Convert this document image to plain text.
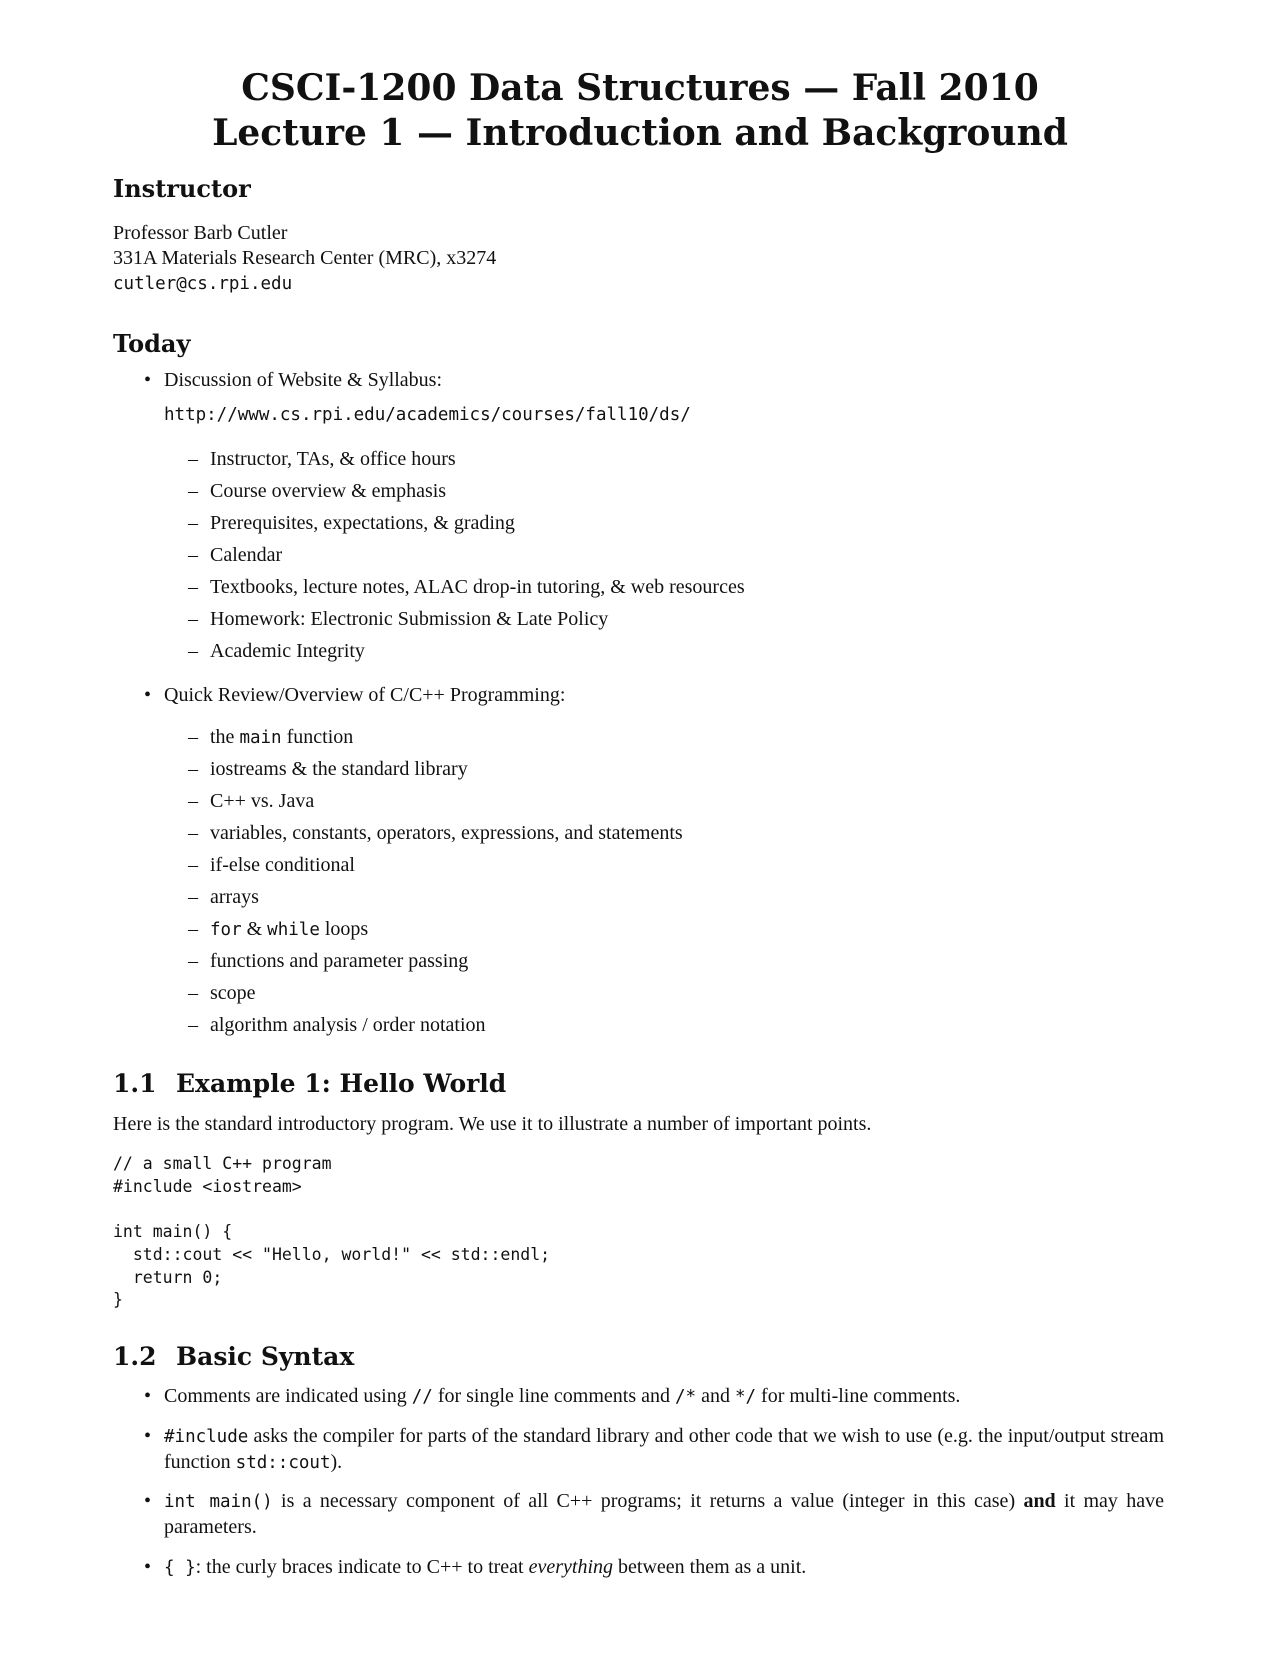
CSCI-1200 Data Structures — Fall 2010
Lecture 1 — Introduction and Background
Instructor

Professor Barb Cutler

331A Materials Research Center (MRC), x3274

cutler@cs.rpi.edu

Today
• Discussion of Website & Syllabus:

http://www.cs.rpi.edu/academics/courses/fall10/ds/

– Instructor, TAs, & office hours
– Course overview & emphasis
– Prerequisites, expectations, & grading
– Calendar
– Textbooks, lecture notes, ALAC drop-in tutoring, & web resources
– Homework: Electronic Submission & Late Policy
– Academic Integrity
• Quick Review/Overview of C/C++ Programming:
– the main function
– iostreams & the standard library
– C++ vs. Java
– variables, constants, operators, expressions, and statements
– if-else conditional
– arrays
– for & while loops
– functions and parameter passing
– scope
– algorithm analysis / order notation
1.1 Example 1: Hello World

Here is the standard introductory program. We use it to illustrate a number of important points.

// a small C++ program
#include <iostream>

int main() {
std::cout << "Hello, world!" << std::endl;
return 0;
}
1.2 Basic Syntax
• Comments are indicated using // for single line comments and /* and */ for multi-line comments.
• #include asks the compiler for parts of the standard library and other code that we wish to use (e.g. the input/output stream function std::cout).
• int main() is a necessary component of all C++ programs; it returns a value (integer in this case) and it may have parameters.
• { }: the curly braces indicate to C++ to treat everything between them as a unit.
